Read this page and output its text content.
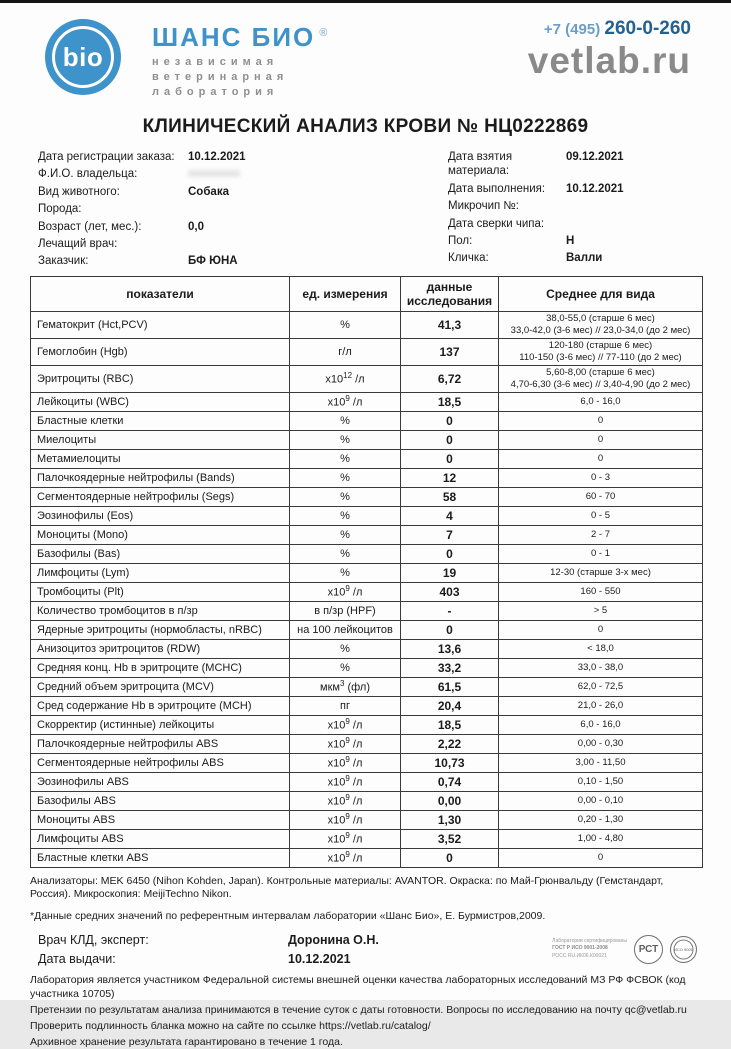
bio
ШАНС БИО ®
независимая
ветеринарная
лаборатория
+7 (495) 260-0-260
vetlab.ru
КЛИНИЧЕСКИЙ АНАЛИЗ КРОВИ № НЦ0222869
Дата регистрации заказа:	10.12.2021
Ф.И.О. владельца:
Вид животного:	Собака
Порода:
Возраст (лет, мес.):	0,0
Лечащий врач:
Заказчик:	БФ ЮНА
Дата взятия материала:
09.12.2021
Дата выполнения:	10.12.2021
Микрочип №:
Дата сверки чипа:
Пол:	Н
Кличка:	Валли
показатели	ед. измерения	данные исследования	Среднее для вида
Гематокрит (Hct,PCV)	%	41,3	38,0-55,0 (старше 6 мес)
33,0-42,0 (3-6 мес) // 23,0-34,0 (до 2 мес)
Гемоглобин (Hgb)	г/л	137	120-180 (старше 6 мес)
110-150 (3-6 мес) // 77-110 (до 2 мес)
Эритроциты (RBC)	$x10^{12}$ /л	6,72	5,60-8,00 (старше 6 мес)
4,70-6,30 (3-6 мес) // 3,40-4,90 (до 2 мес)
Лейкоциты (WBC)	$x10^9$ /л	18,5	6,0 - 16,0
Бластные клетки	%	0	0
Миелоциты	%	0	0
Метамиелоциты	%	0	0
Палочкоядерные нейтрофилы (Bands)	%	12	0 - 3
Сегментоядерные нейтрофилы (Segs)	%	58	60 - 70
Эозинофилы (Eos)	%	4	0 - 5
Моноциты (Mono)	%	7	2 - 7
Базофилы (Bas)	%	0	0 - 1
Лимфоциты (Lym)	%	19	12-30 (старше 3-х мес)
Тромбоциты (Plt)	$x10^9$ /л	403	160 - 550
Количество тромбоцитов в п/зр	в п/зр (HPF)	-	> 5
Ядерные эритроциты (нормобласты, nRBC)	на 100 лейкоцитов	0	0
Анизоцитоз эритроцитов (RDW)	%	13,6	< 18,0
Средняя конц. Hb в эритроците (MCHC)	%	33,2	33,0 - 38,0
Средний объем эритроцита (MCV)	мкм$^3$ (фл)	61,5	62,0 - 72,5
Сред содержание Hb в эритроците (MCH)	пг	20,4	21,0 - 26,0
Скорректир (истинные) лейкоциты	$x10^9$ /л	18,5	6,0 - 16,0
Палочкоядерные нейтрофилы ABS	$x10^9$ /л	2,22	0,00 - 0,30
Сегментоядерные нейтрофилы ABS	$x10^9$ /л	10,73	3,00 - 11,50
Эозинофилы ABS	$x10^9$ /л	0,74	0,10 - 1,50
Базофилы ABS	$x10^9$ /л	0,00	0,00 - 0,10
Моноциты ABS	$x10^9$ /л	1,30	0,20 - 1,30
Лимфоциты ABS	$x10^9$ /л	3,52	1,00 - 4,80
Бластные клетки ABS	$x10^9$ /л	0	0
Анализаторы: MEK 6450 (Nihon Kohden, Japan). Контрольные материалы: AVANTOR. Окраска: по Май-Грюнвальду (Гемстандарт, Россия). Микроскопия: MeijiTechno Nikon.
*Данные средних значений по референтным интервалам лаборатории «Шанс Био», Е. Бурмистров,2009.
Врач КЛД, эксперт:	Доронина О.Н.
Дата выдачи:	10.12.2021
Лаборатории сертифицированы
ГОСТ Р ИСО 9001-2008
РОСС RU.ИК06.К00021
РСТ	ИСО 9001

Лаборатория является участником Федеральной системы внешней оценки качества лабораторных исследований МЗ РФ ФСВОК (код участника 10705)

Претензии по результатам анализа принимаются в течение суток с даты готовности. Вопросы по исследованию на почту qc@vetlab.ru

Проверить подлинность бланка можно на сайте по ссылке https://vetlab.ru/catalog/

Архивное хранение результата гарантировано в течение 1 года.
